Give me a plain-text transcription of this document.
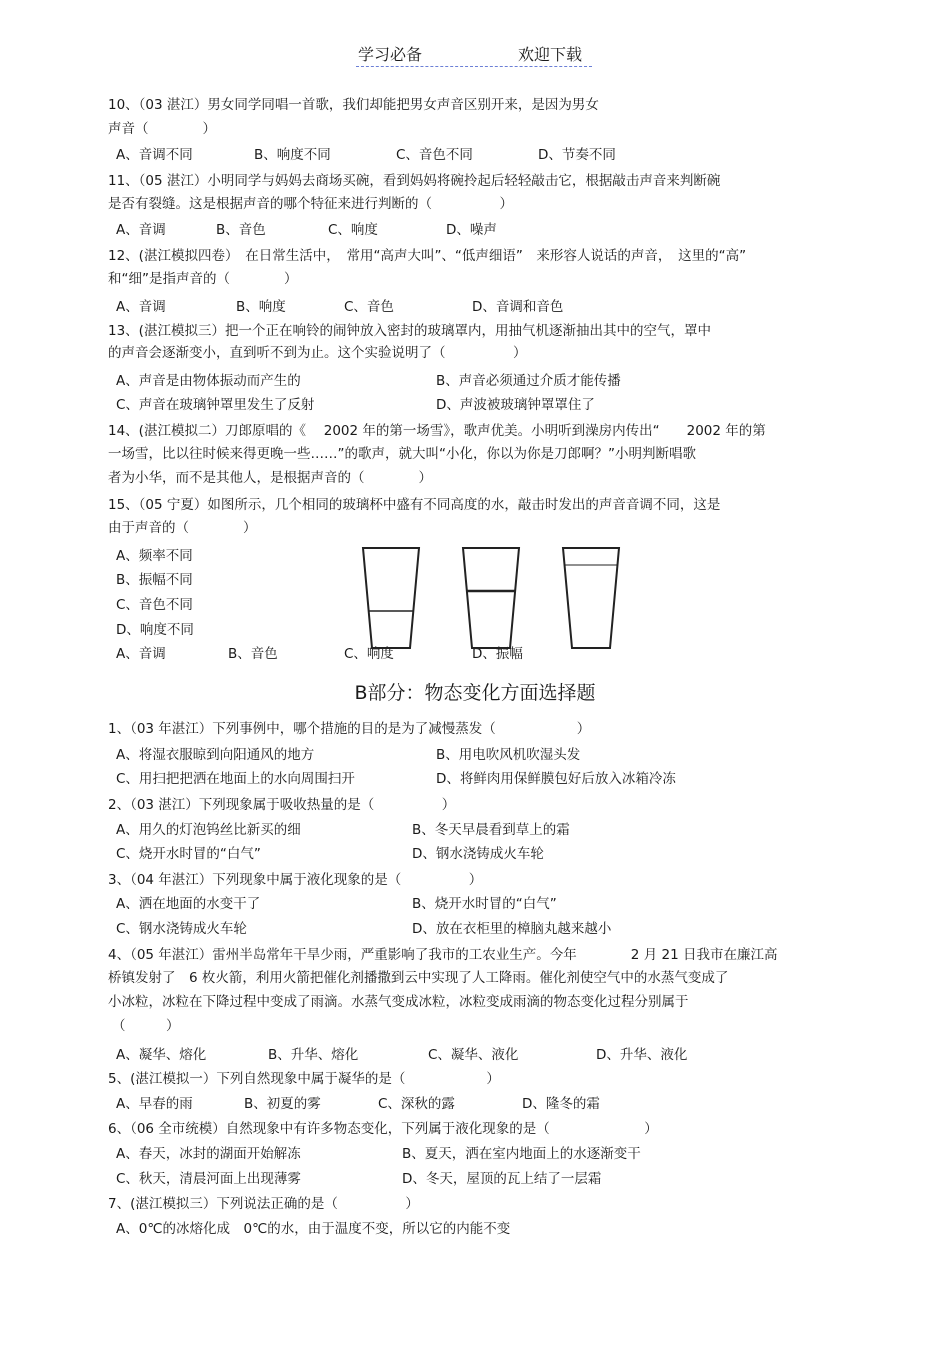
学习必备	欢迎下载
10、（03 湛江）男女同学同唱一首歌，我们却能把男女声音区别开来，是因为男女
声音（　　　　）
A、音调不同	B、响度不同	C、音色不同	D、节奏不同
11、（05 湛江）小明同学与妈妈去商场买碗，看到妈妈将碗拎起后轻轻敲击它，根据敲击声音来判断碗
是否有裂缝。这是根据声音的哪个特征来进行判断的（　　　　　）
A、音调	B、音色	C、响度	D、噪声
12、(湛江模拟四卷）　在日常生活中，　常用“高声大叫”、“低声细语”　来形容人说话的声音，　这里的“高”
和“细”是指声音的（　　　　）
A、音调	B、响度	C、音色	D、音调和音色
13、(湛江模拟三）把一个正在响铃的闹钟放入密封的玻璃罩内，用抽气机逐渐抽出其中的空气，罩中
的声音会逐渐变小，直到听不到为止。这个实验说明了（　　　　　）
A、声音是由物体振动而产生的	B、声音必须通过介质才能传播
C、声音在玻璃钟罩里发生了反射	D、声波被玻璃钟罩罩住了
14、(湛江模拟二）刀郎原唱的《　 2002 年的第一场雪》，歌声优美。小明听到澡房内传出“　　2002 年的第
一场雪，比以往时候来得更晚一些……”的歌声，就大叫“小化，你以为你是刀郎啊？”小明判断唱歌
者为小华，而不是其他人，是根据声音的（　　　　）
15、（05 宁夏）如图所示，几个相同的玻璃杯中盛有不同高度的水，敲击时发出的声音音调不同，这是
由于声音的（　　　　）
A、频率不同
B、振幅不同
C、音色不同
D、响度不同
A、音调	B、音色	C、响度	D、振幅
B部分：物态变化方面选择题
1、（03 年湛江）下列事例中，哪个措施的目的是为了减慢蒸发（　　　　　　）
A、将湿衣服晾到向阳通风的地方	B、用电吹风机吹湿头发
C、用扫把把洒在地面上的水向周围扫开	D、将鲜肉用保鲜膜包好后放入冰箱冷冻
2、（03 湛江）下列现象属于吸收热量的是（　　　　　）
A、用久的灯泡钨丝比新买的细	B、冬天早晨看到草上的霜
C、烧开水时冒的“白气”	D、钢水浇铸成火车轮
3、（04 年湛江）下列现象中属于液化现象的是（　　　　　）
A、洒在地面的水变干了	B、烧开水时冒的“白气”
C、钢水浇铸成火车轮	D、放在衣柜里的樟脑丸越来越小
4、（05 年湛江）雷州半岛常年干旱少雨，严重影响了我市的工农业生产。今年　　　　2 月 21 日我市在廉江高
桥镇发射了　6 枚火箭，利用火箭把催化剂播撒到云中实现了人工降雨。催化剂使空气中的水蒸气变成了
小冰粒，冰粒在下降过程中变成了雨滴。水蒸气变成冰粒，冰粒变成雨滴的物态变化过程分别属于
（　　　）
A、凝华、熔化	B、升华、熔化	C、凝华、液化	D、升华、液化
5、(湛江模拟一）下列自然现象中属于凝华的是（　　　　　　）
A、早春的雨	B、初夏的雾	C、深秋的露	D、隆冬的霜
6、（06 全市统模）自然现象中有许多物态变化，下列属于液化现象的是（　　　　　　　）
A、春天，冰封的湖面开始解冻	B、夏天，洒在室内地面上的水逐渐变干
C、秋天，清晨河面上出现薄雾	D、冬天，屋顶的瓦上结了一层霜
7、(湛江模拟三）下列说法正确的是（　　　　　）
A、0℃的冰熔化成　0℃的水，由于温度不变，所以它的内能不变
